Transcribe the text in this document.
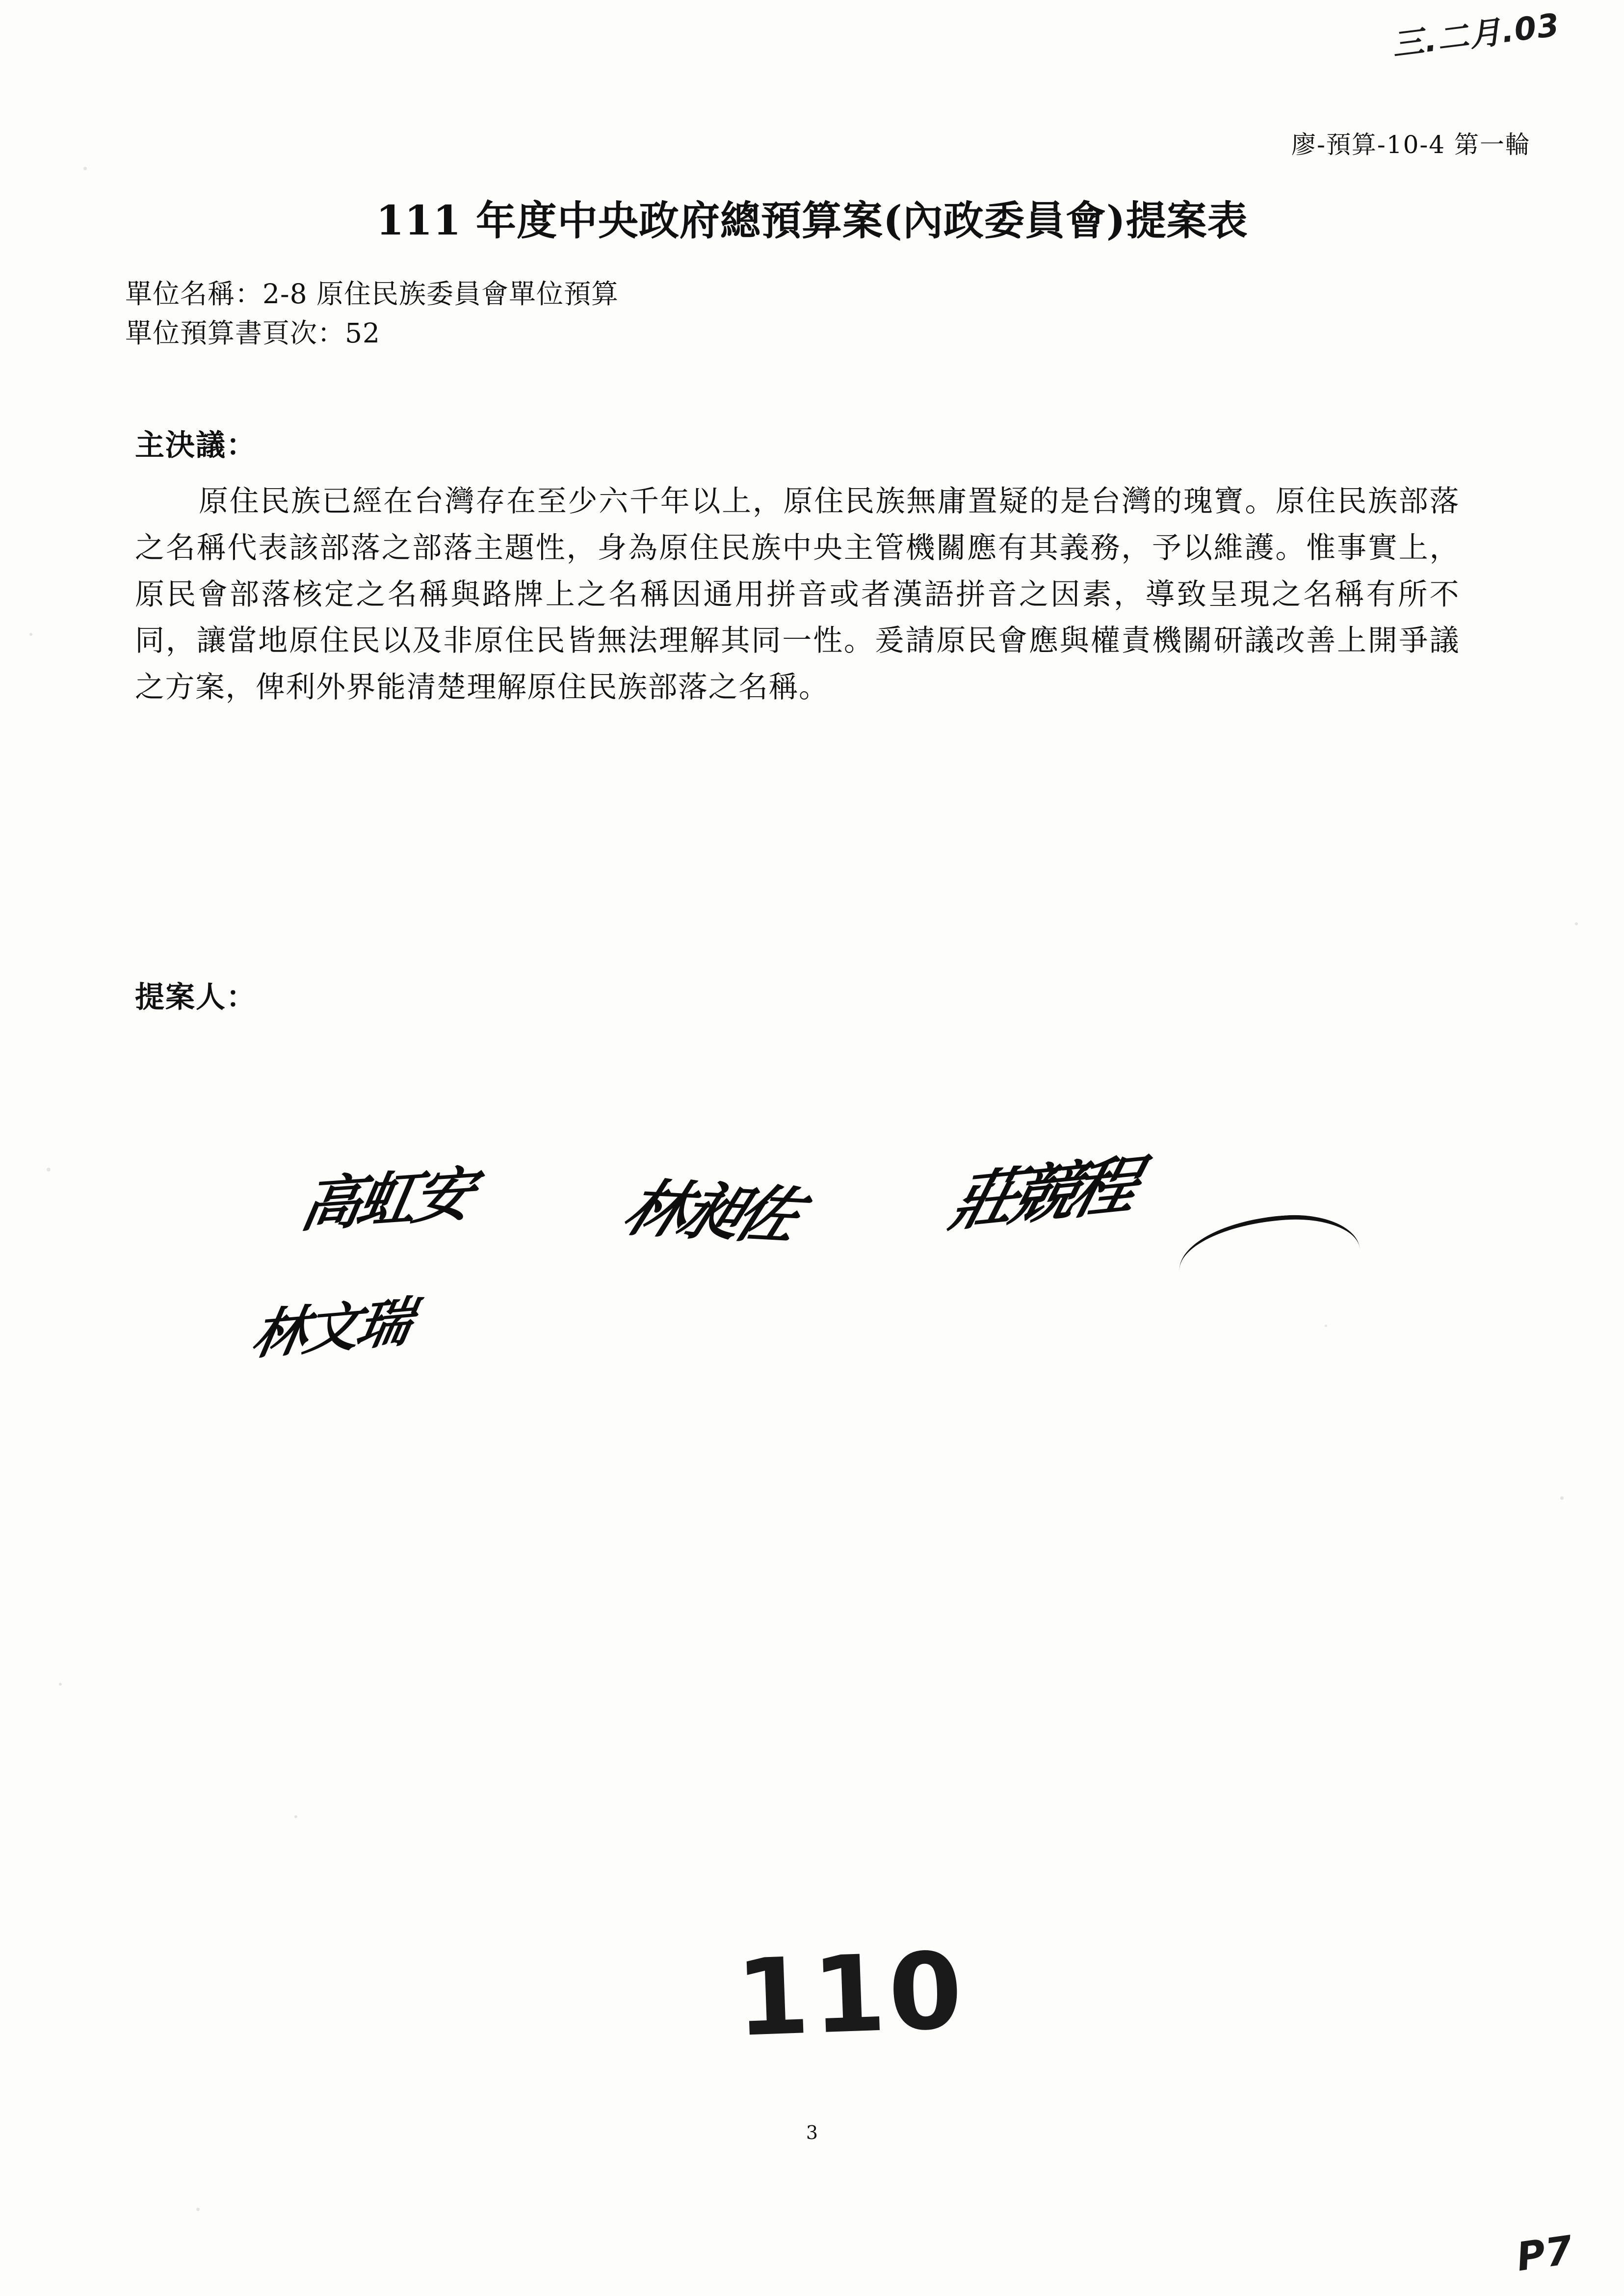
三.二月.03
廖-預算-10-4 第一輪
111 年度中央政府總預算案(內政委員會)提案表
單位名稱：2-8 原住民族委員會單位預算
單位預算書頁次：52
主決議：
原住民族已經在台灣存在至少六千年以上，原住民族無庸置疑的是台灣的瑰寶。原住民族部落之名稱代表該部落之部落主題性，身為原住民族中央主管機關應有其義務，予以維護。惟事實上，原民會部落核定之名稱與路牌上之名稱因通用拼音或者漢語拼音之因素，導致呈現之名稱有所不同，讓當地原住民以及非原住民皆無法理解其同一性。爰請原民會應與權責機關研議改善上開爭議之方案，俾利外界能清楚理解原住民族部落之名稱。
提案人：
高虹安 林昶佐 莊競程
林文瑞
110
3
P7
